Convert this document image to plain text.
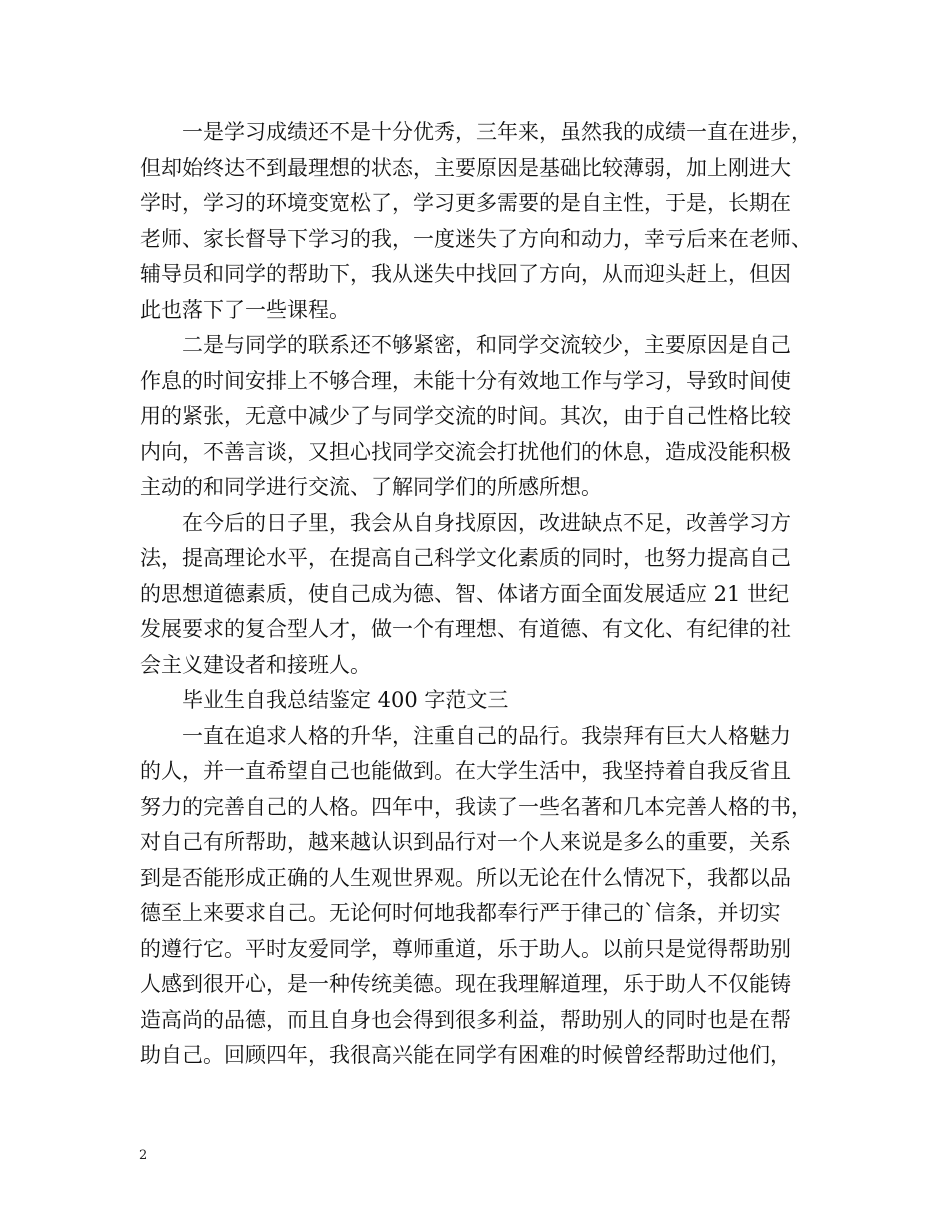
一是学习成绩还不是十分优秀，三年来，虽然我的成绩一直在进步，
但却始终达不到最理想的状态，主要原因是基础比较薄弱，加上刚进大
学时，学习的环境变宽松了，学习更多需要的是自主性，于是，长期在
老师、家长督导下学习的我，一度迷失了方向和动力，幸亏后来在老师、
辅导员和同学的帮助下，我从迷失中找回了方向，从而迎头赶上，但因
此也落下了一些课程。
二是与同学的联系还不够紧密，和同学交流较少，主要原因是自己
作息的时间安排上不够合理，未能十分有效地工作与学习，导致时间使
用的紧张，无意中减少了与同学交流的时间。其次，由于自己性格比较
内向，不善言谈，又担心找同学交流会打扰他们的休息，造成没能积极
主动的和同学进行交流、了解同学们的所感所想。
在今后的日子里，我会从自身找原因，改进缺点不足，改善学习方
法，提高理论水平，在提高自己科学文化素质的同时，也努力提高自己
的思想道德素质，使自己成为德、智、体诸方面全面发展适应 21 世纪
发展要求的复合型人才，做一个有理想、有道德、有文化、有纪律的社
会主义建设者和接班人。
毕业生自我总结鉴定 400 字范文三
一直在追求人格的升华，注重自己的品行。我崇拜有巨大人格魅力
的人，并一直希望自己也能做到。在大学生活中，我坚持着自我反省且
努力的完善自己的人格。四年中，我读了一些名著和几本完善人格的书，
对自己有所帮助，越来越认识到品行对一个人来说是多么的重要，关系
到是否能形成正确的人生观世界观。所以无论在什么情况下，我都以品
德至上来要求自己。无论何时何地我都奉行严于律己的`信条，并切实
的遵行它。平时友爱同学，尊师重道，乐于助人。以前只是觉得帮助别
人感到很开心，是一种传统美德。现在我理解道理，乐于助人不仅能铸
造高尚的品德，而且自身也会得到很多利益，帮助别人的同时也是在帮
助自己。回顾四年，我很高兴能在同学有困难的时候曾经帮助过他们，
2
